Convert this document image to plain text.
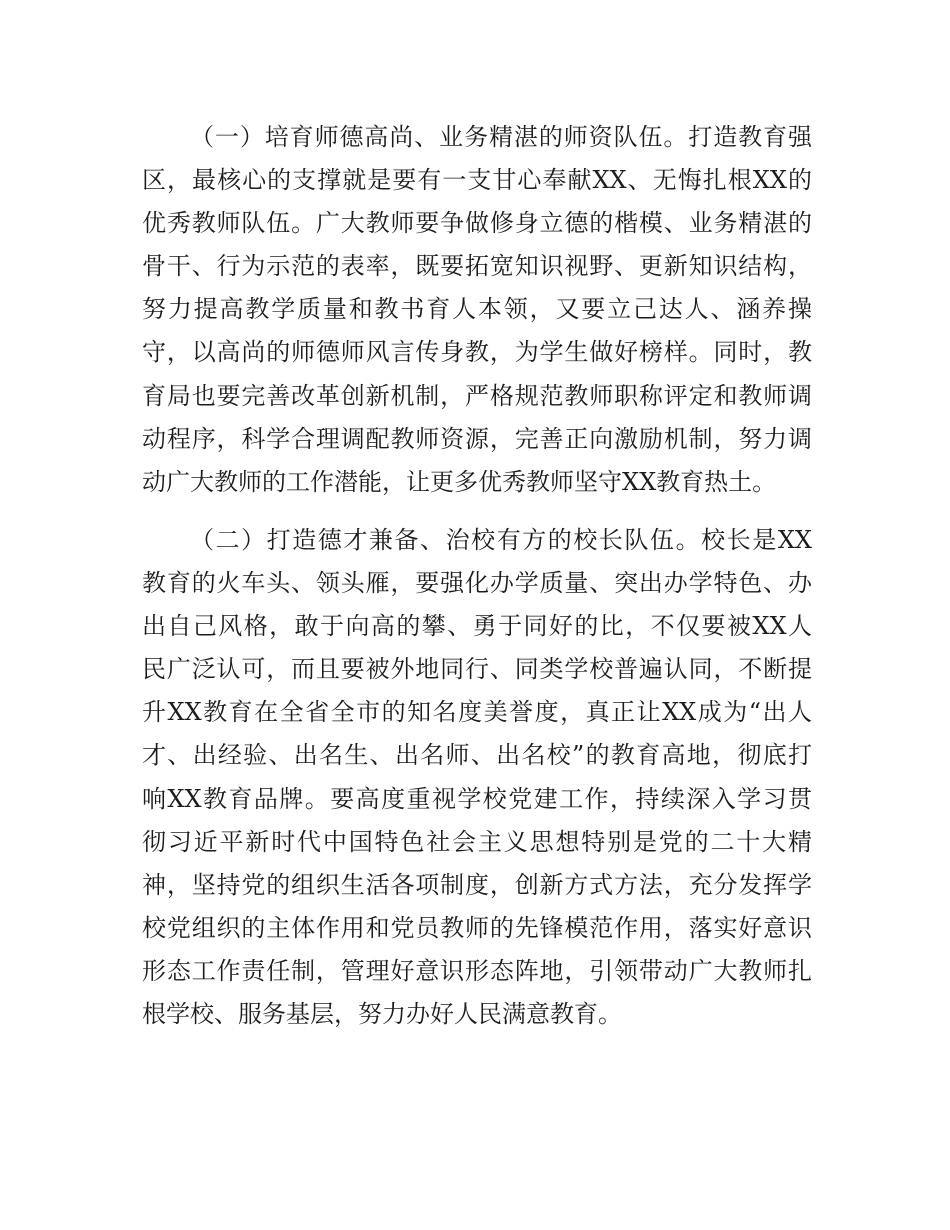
（一）培育师德高尚、业务精湛的师资队伍。打造教育强
区，最核心的支撑就是要有一支甘心奉献XX、无悔扎根XX的
优秀教师队伍。广大教师要争做修身立德的楷模、业务精湛的
骨干、行为示范的表率，既要拓宽知识视野、更新知识结构，
努力提高教学质量和教书育人本领，又要立己达人、涵养操
守，以高尚的师德师风言传身教，为学生做好榜样。同时，教
育局也要完善改革创新机制，严格规范教师职称评定和教师调
动程序，科学合理调配教师资源，完善正向激励机制，努力调
动广大教师的工作潜能，让更多优秀教师坚守XX教育热土。
（二）打造德才兼备、治校有方的校长队伍。校长是XX
教育的火车头、领头雁，要强化办学质量、突出办学特色、办
出自己风格，敢于向高的攀、勇于同好的比，不仅要被XX人
民广泛认可，而且要被外地同行、同类学校普遍认同，不断提
升XX教育在全省全市的知名度美誉度，真正让XX成为“出人
才、出经验、出名生、出名师、出名校”的教育高地，彻底打
响XX教育品牌。要高度重视学校党建工作，持续深入学习贯
彻习近平新时代中国特色社会主义思想特别是党的二十大精
神，坚持党的组织生活各项制度，创新方式方法，充分发挥学
校党组织的主体作用和党员教师的先锋模范作用，落实好意识
形态工作责任制，管理好意识形态阵地，引领带动广大教师扎
根学校、服务基层，努力办好人民满意教育。
